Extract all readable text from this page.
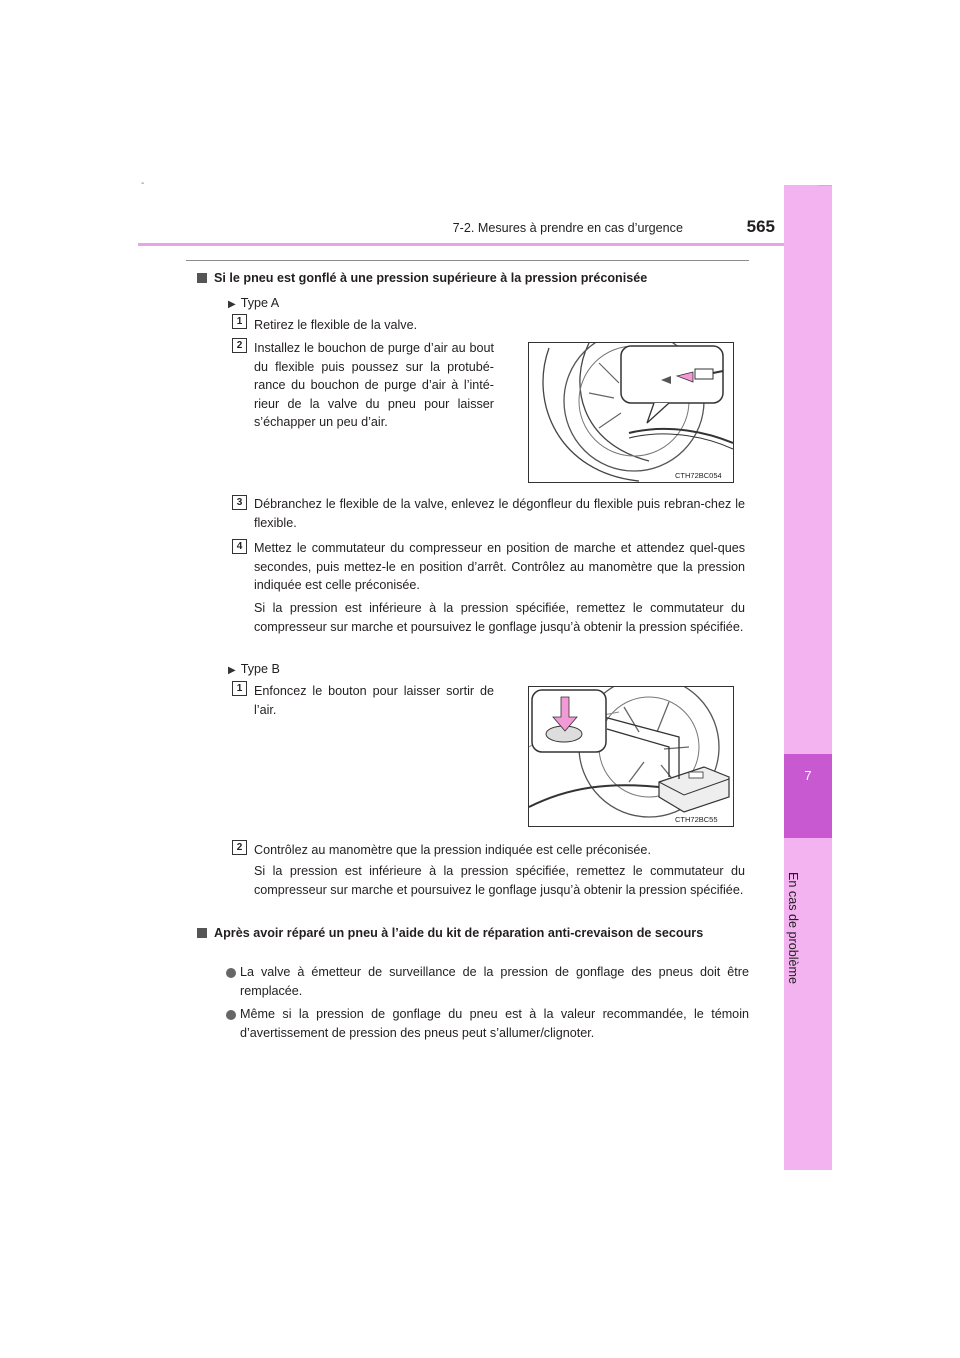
-
7-2. Mesures à prendre en cas d’urgence	565
7
En cas de problème
Si le pneu est gonflé à une pression supérieure à la pression préconisée
▶ Type A
1 Retirez le flexible de la valve.
2 Installez le bouchon de purge d’air au bout du flexible puis poussez sur la protubé-rance du bouchon de purge d’air à l’inté-rieur de la valve du pneu pour laisser s’échapper un peu d’air.
CTH72BC054
3 Débranchez le flexible de la valve, enlevez le dégonfleur du flexible puis rebran-chez le flexible.
4 Mettez le commutateur du compresseur en position de marche et attendez quel-ques secondes, puis mettez-le en position d’arrêt. Contrôlez au manomètre que la pression indiquée est celle préconisée.
Si la pression est inférieure à la pression spécifiée, remettez le commutateur du compresseur sur marche et poursuivez le gonflage jusqu’à obtenir la pression spécifiée.
▶ Type B
1 Enfoncez le bouton pour laisser sortir de l’air.
CTH72BC55
2 Contrôlez au manomètre que la pression indiquée est celle préconisée.
Si la pression est inférieure à la pression spécifiée, remettez le commutateur du compresseur sur marche et poursuivez le gonflage jusqu’à obtenir la pression spécifiée.
Après avoir réparé un pneu à l’aide du kit de réparation anti-crevaison de secours
La valve à émetteur de surveillance de la pression de gonflage des pneus doit être remplacée.
Même si la pression de gonflage du pneu est à la valeur recommandée, le témoin d’avertissement de pression des pneus peut s’allumer/clignoter.
